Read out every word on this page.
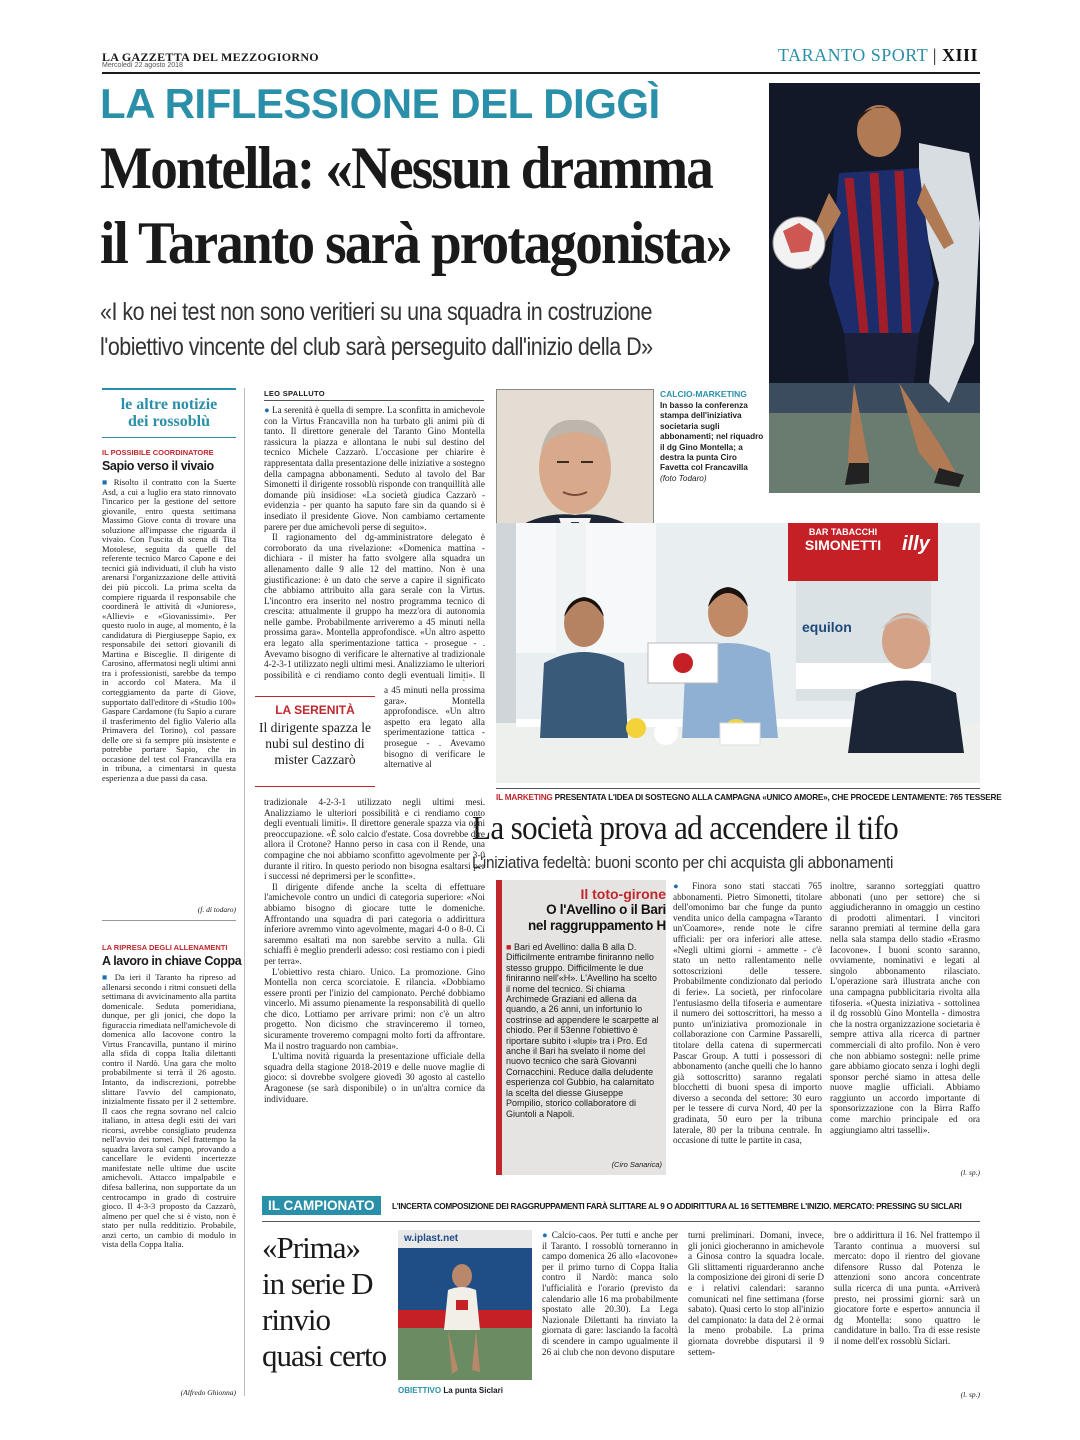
LA GAZZETTA DEL MEZZOGIORNO
Mercoledì 22 agosto 2018
TARANTO SPORT | XIII
LA RIFLESSIONE DEL DIGGÌ
Montella: «Nessun dramma
il Taranto sarà protagonista»
«I ko nei test non sono veritieri su una squadra in costruzione
l'obiettivo vincente del club sarà perseguito dall'inizio della D»
le altre notizie
dei rossoblù
IL POSSIBILE COORDINATORE
Sapio verso il vivaio
■ Risolto il contratto con la Suerte Asd, a cui a luglio era stato rinnovato l'incarico per la gestione del settore giovanile, entro questa settimana Massimo Giove conta di trovare una soluzione all'impasse che riguarda il vivaio. Con l'uscita di scena di Tita Motolese, seguita da quelle del referente tecnico Marco Capone e dei tecnici già individuati, il club ha visto arenarsi l'organizzazione delle attività dei più piccoli. La prima scelta da compiere riguarda il responsabile che coordinerà le attività di «Juniores», «Allievi» e «Giovanissimi». Per questo ruolo in auge, al momento, è la candidatura di Piergiuseppe Sapio, ex responsabile dei settori giovanili di Martina e Bisceglie. Il dirigente di Carosino, affermatosi negli ultimi anni tra i professionisti, sarebbe da tempo in accordo col Matera. Ma il corteggiamento da parte di Giove, supportato dall'editore di «Studio 100» Gaspare Cardamone (fu Sapio a curare il trasferimento del figlio Valerio alla Primavera del Torino), col passare delle ore si fa sempre più insistente e potrebbe portare Sapio, che in occasione del test col Francavilla era in tribuna, a cimentarsi in questa esperienza a due passi da casa.
(f. di todaro)
LA RIPRESA DEGLI ALLENAMENTI
A lavoro in chiave Coppa
■ Da ieri il Taranto ha ripreso ad allenarsi secondo i ritmi consueti della settimana di avvicinamento alla partita domenicale. Seduta pomeridiana, dunque, per gli jonici, che dopo la figuraccia rimediata nell'amichevole di domenica allo Iacovone contro la Virtus Francavilla, puntano il mirino alla sfida di coppa Italia dilettanti contro il Nardò. Una gara che molto probabilmente si terrà il 26 agosto. Intanto, da indiscrezioni, potrebbe slittare l'avvio del campionato, inizialmente fissato per il 2 settembre. Il caos che regna sovrano nel calcio italiano, in attesa degli esiti dei vari ricorsi, avrebbe consigliato prudenza nell'avvio dei tornei. Nel frattempo la squadra lavora sul campo, provando a cancellare le evidenti incertezze manifestate nelle ultime due uscite amichevoli. Attacco impalpabile e difesa ballerina, non supportate da un centrocampo in grado di costruire gioco. Il 4-3-3 proposto da Cazzarò, almeno per quel che si è visto, non è stato per nulla redditizio. Probabile, anzi certo, un cambio di modulo in vista della Coppa Italia.
(Alfredo Ghionna)
LEO SPALLUTO

● La serenità è quella di sempre. La sconfitta in amichevole con la Virtus Francavilla non ha turbato gli animi più di tanto. Il direttore generale del Taranto Gino Montella rassicura la piazza e allontana le nubi sul destino del tecnico Michele Cazzarò. L'occasione per chiarire è rappresentata dalla presentazione delle iniziative a sostegno della campagna abbonamenti. Seduto al tavolo del Bar Simonetti il dirigente rossoblù risponde con tranquillità alle domande più insidiose: «La società giudica Cazzarò - evidenzia - per quanto ha saputo fare sin da quando si è insediato il presidente Giove. Non cambiamo certamente parere per due amichevoli perse di seguito».

Il ragionamento del dg-amministratore delegato è corroborato da una rivelazione: «Domenica mattina - dichiara - il mister ha fatto svolgere alla squadra un allenamento dalle 9 alle 12 del mattino. Non è una giustificazione: è un dato che serve a capire il significato che abbiamo attribuito alla gara serale con la Virtus. L'incontro era inserito nel nostro programma tecnico di crescita: attualmente il gruppo ha mezz'ora di autonomia nelle gambe. Probabilmente arriveremo a 45 minuti nella prossima gara». Montella approfondisce. «Un altro aspetto era legato alla sperimentazione tattica - prosegue - . Avevamo bisogno di verificare le alternative al tradizionale 4-2-3-1 utilizzato negli ultimi mesi. Analizziamo le ulteriori possibilità e ci rendiamo conto degli eventuali limiti». Il

LA SERENITÀ
Il dirigente spazza le nubi sul destino di mister Cazzarò

a 45 minuti nella prossima gara». Montella approfondisce. «Un altro aspetto era legato alla sperimentazione tattica - prosegue - . Avevamo bisogno di verificare le alternative al

tradizionale 4-2-3-1 utilizzato negli ultimi mesi. Analizziamo le ulteriori possibilità e ci rendiamo conto degli eventuali limiti». Il direttore generale spazza via ogni preoccupazione. «È solo calcio d'estate. Cosa dovrebbe dire allora il Crotone? Hanno perso in casa con il Rende, una compagine che noi abbiamo sconfitto agevolmente per 3-0 durante il ritiro. In questo periodo non bisogna esaltarsi per i successi né deprimersi per le sconfitte».

Il dirigente difende anche la scelta di effettuare l'amichevole contro un undici di categoria superiore: «Noi abbiamo bisogno di giocare tutte le domeniche. Affrontando una squadra di pari categoria o addirittura inferiore avremmo vinto agevolmente, magari 4-0 o 8-0. Ci saremmo esaltati ma non sarebbe servito a nulla. Gli schiaffi è meglio prenderli adesso: così restiamo con i piedi per terra».

L'obiettivo resta chiaro. Unico. La promozione. Gino Montella non cerca scorciatoie. E rilancia. «Dobbiamo essere pronti per l'inizio del campionato. Perché dobbiamo vincerlo. Mi assumo pienamente la responsabilità di quello che dico. Lottiamo per arrivare primi: non c'è un altro progetto. Non dicismo che stravinceremo il torneo, sicuramente troveremo compagni molto forti da affrontare. Ma il nostro traguardo non cambia».

L'ultima novità riguarda la presentazione ufficiale della squadra della stagione 2018-2019 e delle nuove maglie di gioco: si dovrebbe svolgere giovedì 30 agosto al castello Aragonese (se sarà disponibile) o in un'altra cornice da individuare.

CALCIO-MARKETING
In basso la conferenza stampa dell'iniziativa societaria sugli abbonamenti; nel riquadro il dg Gino Montella; a destra la punta Ciro Favetta col Francavilla (foto Todaro)
BAR TABACCHI
SIMONETTI	illy
equilon
IL MARKETING PRESENTATA L'IDEA DI SOSTEGNO ALLA CAMPAGNA «UNICO AMORE», CHE PROCEDE LENTAMENTE: 765 TESSERE
La società prova ad accendere il tifo
L'iniziativa fedeltà: buoni sconto per chi acquista gli abbonamenti
Il toto-girone
O l'Avellino o il Bari
nel raggruppamento H
■ Bari ed Avellino: dalla B alla D. Difficilmente entrambe finiranno nello stesso gruppo. Difficilmente le due finiranno nell'«H». L'Avellino ha scelto il nome del tecnico. Si chiama Archimede Graziani ed allena da quando, a 26 anni, un infortunio lo costrinse ad appendere le scarpette al chiodo. Per il 53enne l'obiettivo è riportare subito i «lupi» tra i Pro. Ed anche il Bari ha svelato il nome del nuovo tecnico che sarà Giovanni Cornacchini. Reduce dalla deludente esperienza col Gubbio, ha calamitato la scelta del diesse Giuseppe Pompilio, storico collaboratore di Giuntoli a Napoli.
(Ciro Sanarica)
● Finora sono stati staccati 765 abbonamenti. Pietro Simonetti, titolare dell'omonimo bar che funge da punto vendita unico della campagna «Taranto un'Coamore», rende note le cifre ufficiali: per ora inferiori alle attese. «Negli ultimi giorni - ammette - c'è stato un netto rallentamento nelle sottoscrizioni delle tessere. Probabilmente condizionato dal periodo di ferie». La società, per rinfocolare l'entusiasmo della tifoseria e aumentare il numero dei sottoscrittori, ha messo a punto un'iniziativa promozionale in collaborazione con Carmine Passarelli, titolare della catena di supermercati Pascar Group. A tutti i possessori di abbonamento (anche quelli che lo hanno già sottoscritto) saranno regalati blocchetti di buoni spesa di importo diverso a seconda del settore: 30 euro per le tessere di curva Nord, 40 per la gradinata, 50 euro per la tribuna laterale, 80 per la tribuna centrale. In occasione di tutte le partite in casa,
inoltre, saranno sorteggiati quattro abbonati (uno per settore) che si aggiudicheranno in omaggio un cestino di prodotti alimentari. I vincitori saranno premiati al termine della gara nella sala stampa dello stadio «Erasmo Iacovone». I buoni sconto saranno, ovviamente, nominativi e legati al singolo abbonamento rilasciato. L'operazione sarà illustrata anche con una campagna pubblicitaria rivolta alla tifoseria. «Questa iniziativa - sottolinea il dg rossoblù Gino Montella - dimostra che la nostra organizzazione societaria è sempre attiva alla ricerca di partner commerciali di alto profilo. Non è vero che non abbiamo sostegni: nelle prime gare abbiamo giocato senza i loghi degli sponsor perché siamo in attesa delle nuove maglie ufficiali. Abbiamo raggiunto un accordo importante di sponsorizzazione con la Birra Raffo come marchio principale ed ora aggiungiamo altri tasselli».
(l. sp.)
IL CAMPIONATO	L'INCERTA COMPOSIZIONE DEI RAGGRUPPAMENTI FARÀ SLITTARE AL 9 O ADDIRITTURA AL 16 SETTEMBRE L'INIZIO. MERCATO: PRESSING SU SICLARI
«Prima»
in serie D
rinvio
quasi certo
w.iplast.net
OBIETTIVO La punta Siclari
● Calcio-caos. Per tutti e anche per il Taranto. I rossoblù torneranno in campo domenica 26 allo «Iacovone» per il primo turno di Coppa Italia contro il Nardò: manca solo l'ufficialità e l'orario (previsto da calendario alle 16 ma probabilmente spostato alle 20.30). La Lega Nazionale Dilettanti ha rinviato la giornata di gare: lasciando la facoltà di scendere in campo ugualmente il 26 ai club che non devono disputare
turni preliminari. Domani, invece, gli jonici giocheranno in amichevole a Ginosa contro la squadra locale. Gli slittamenti riguarderanno anche la composizione dei gironi di serie D e i relativi calendari: saranno comunicati nel fine settimana (forse sabato). Quasi certo lo stop all'inizio del campionato: la data del 2 è ormai la meno probabile. La prima giornata dovrebbe disputarsi il 9 settem-
bre o addirittura il 16. Nel frattempo il Taranto continua a muoversi sul mercato: dopo il rientro del giovane difensore Russo dal Potenza le attenzioni sono ancora concentrate sulla ricerca di una punta. «Arriverà presto, nei prossimi giorni: sarà un giocatore forte e esperto» annuncia il dg Montella: sono quattro le candidature in ballo. Tra di esse resiste il nome dell'ex rossoblù Siclari.
(l. sp.)
